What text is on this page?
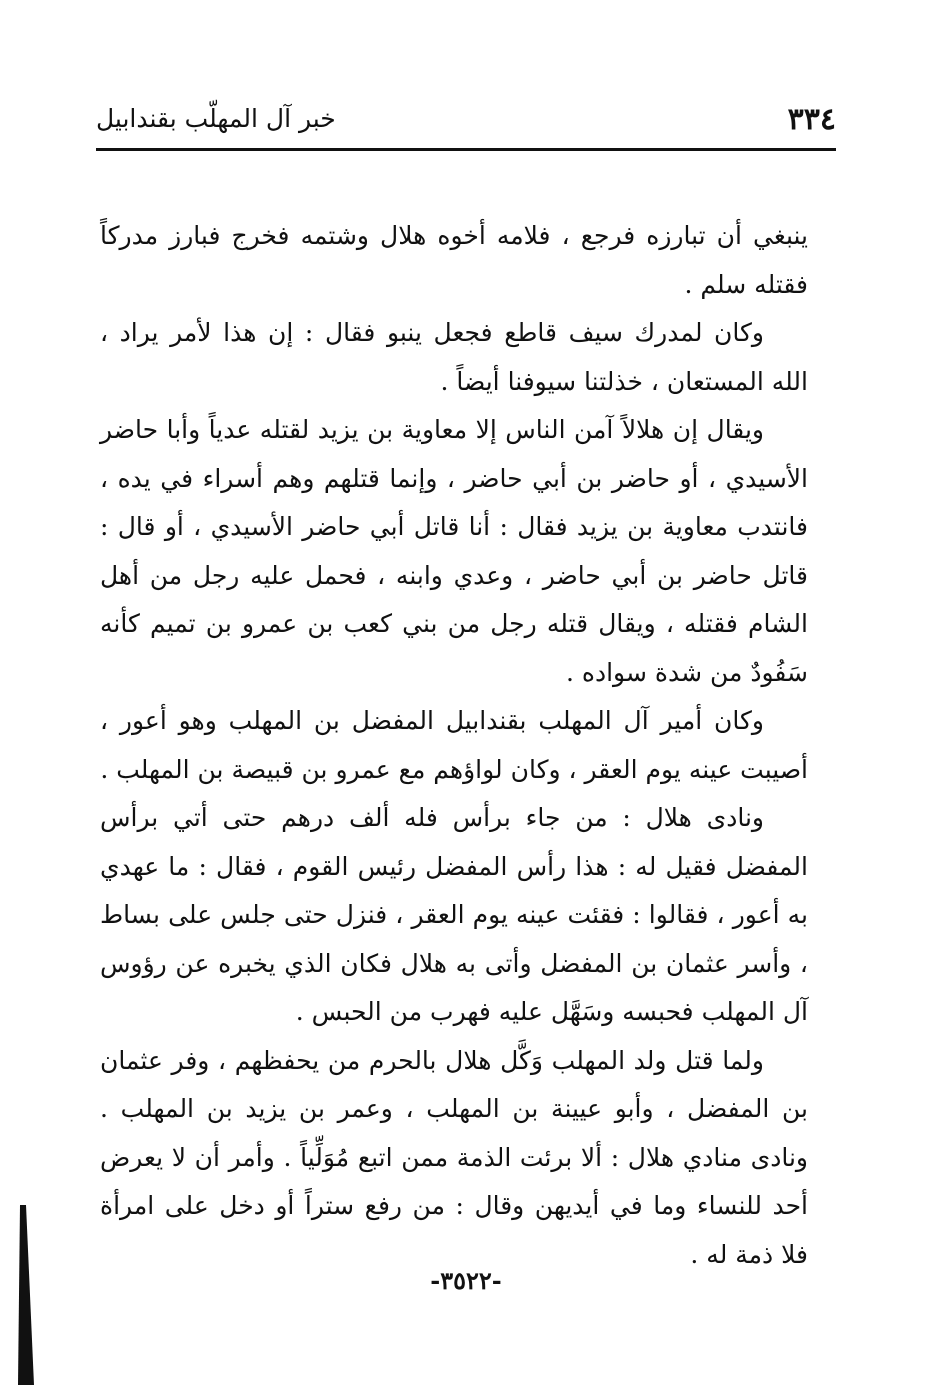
٣٣٤
خبر آل المهلّب بقندابيل

ينبغي أن تبارزه فرجع ، فلامه أخوه هلال وشتمه فخرج فبارز مدركاً فقتله سلم .

وكان لمدرك سيف قاطع فجعل ينبو فقال : إن هذا لأمر يراد ، الله المستعان ، خذلتنا سيوفنا أيضاً .

ويقال إن هلالاً آمن الناس إلا معاوية بن يزيد لقتله عدياً وأبا حاضر الأسيدي ، أو حاضر بن أبي حاضر ، وإنما قتلهم وهم أسراء في يده ، فانتدب معاوية بن يزيد فقال : أنا قاتل أبي حاضر الأسيدي ، أو قال : قاتل حاضر بن أبي حاضر ، وعدي وابنه ، فحمل عليه رجل من أهل الشام فقتله ، ويقال قتله رجل من بني كعب بن عمرو بن تميم كأنه سَفُودٌ من شدة سواده .

وكان أمير آل المهلب بقندابيل المفضل بن المهلب وهو أعور ، أصيبت عينه يوم العقر ، وكان لواؤهم مع عمرو بن قبيصة بن المهلب .

ونادى هلال : من جاء برأس فله ألف درهم حتى أتي برأس المفضل فقيل له : هذا رأس المفضل رئيس القوم ، فقال : ما عهدي به أعور ، فقالوا : فقئت عينه يوم العقر ، فنزل حتى جلس على بساط ، وأسر عثمان بن المفضل وأتى به هلال فكان الذي يخبره عن رؤوس آل المهلب فحبسه وسَهَّل عليه فهرب من الحبس .

ولما قتل ولد المهلب وَكَّل هلال بالحرم من يحفظهم ، وفر عثمان بن المفضل ، وأبو عيينة بن المهلب ، وعمر بن يزيد بن المهلب . ونادى منادي هلال : ألا برئت الذمة ممن اتبع مُوَلِّياً . وأمر أن لا يعرض أحد للنساء وما في أيديهن وقال : من رفع ستراً أو دخل على امرأة فلا ذمة له .

-٣٥٢٢-
